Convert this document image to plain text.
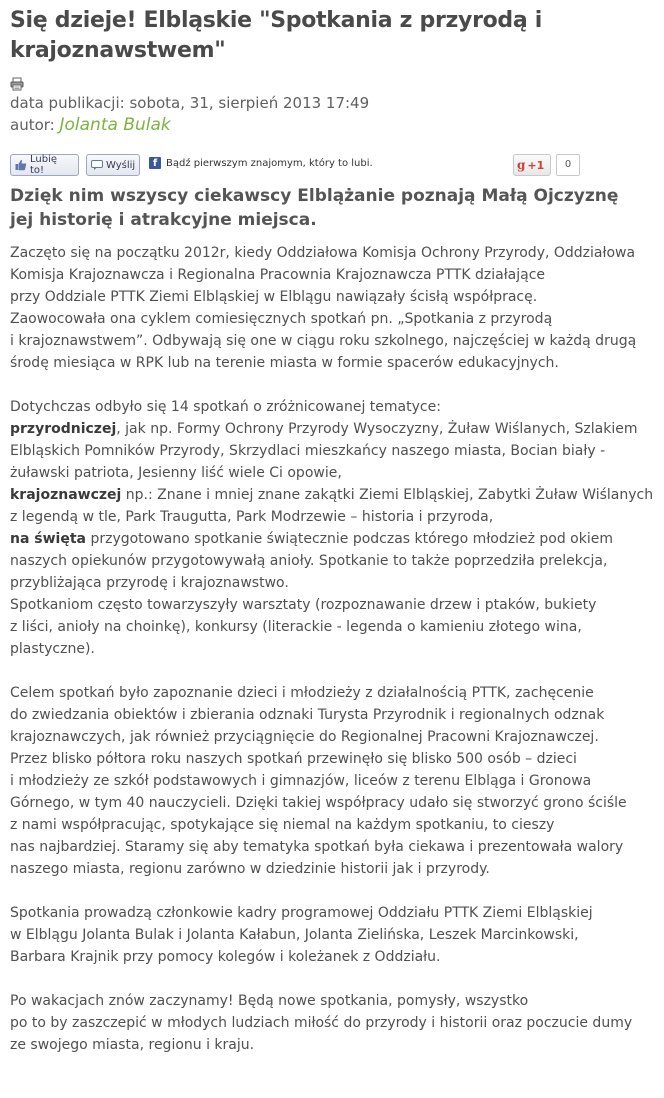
Się dzieje! Elbląskie "Spotkania z przyrodą i krajoznawstwem"
data publikacji: sobota, 31, sierpień 2013 17:49
autor: Jolanta Bulak
Lubię to!	Wyślij	f Bądź pierwszym znajomym, który to lubi.	g +1	0
Dzięk nim wszyscy ciekawscy Elblążanie poznają Małą Ojczyznę
jej historię i atrakcyjne miejsca.
Zaczęto się na początku 2012r, kiedy Oddziałowa Komisja Ochrony Przyrody, Oddziałowa
Komisja Krajoznawcza i Regionalna Pracownia Krajoznawcza PTTK działające
przy Oddziale PTTK Ziemi Elbląskiej w Elblągu nawiązały ścisłą współpracę.
Zaowocowała ona cyklem comiesięcznych spotkań pn. „Spotkania z przyrodą
i krajoznawstwem”. Odbywają się one w ciągu roku szkolnego, najczęściej w każdą drugą
środę miesiąca w RPK lub na terenie miasta w formie spacerów edukacyjnych.
Dotychczas odbyło się 14 spotkań o zróżnicowanej tematyce:
przyrodniczej, jak np. Formy Ochrony Przyrody Wysoczyzny, Żuław Wiślanych, Szlakiem
Elbląskich Pomników Przyrody, Skrzydlaci mieszkańcy naszego miasta, Bocian biały -
żuławski patriota, Jesienny liść wiele Ci opowie,
krajoznawczej np.: Znane i mniej znane zakątki Ziemi Elbląskiej, Zabytki Żuław Wiślanych
z legendą w tle, Park Traugutta, Park Modrzewie – historia i przyroda,
na święta przygotowano spotkanie świątecznie podczas którego młodzież pod okiem
naszych opiekunów przygotowywałą anioły. Spotkanie to także poprzedziła prelekcja,
przybliżająca przyrodę i krajoznawstwo.
Spotkaniom często towarzyszyły warsztaty (rozpoznawanie drzew i ptaków, bukiety
z liści, anioły na choinkę), konkursy (literackie - legenda o kamieniu złotego wina,
plastyczne).
Celem spotkań było zapoznanie dzieci i młodzieży z działalnością PTTK, zachęcenie
do zwiedzania obiektów i zbierania odznaki Turysta Przyrodnik i regionalnych odznak
krajoznawczych, jak również przyciągnięcie do Regionalnej Pracowni Krajoznawczej.
Przez blisko półtora roku naszych spotkań przewinęło się blisko 500 osób – dzieci
i młodzieży ze szkół podstawowych i gimnazjów, liceów z terenu Elbląga i Gronowa
Górnego, w tym 40 nauczycieli. Dzięki takiej współpracy udało się stworzyć grono ściśle
z nami współpracując, spotykające się niemal na każdym spotkaniu, to cieszy
nas najbardziej. Staramy się aby tematyka spotkań była ciekawa i prezentowała walory
naszego miasta, regionu zarówno w dziedzinie historii jak i przyrody.
Spotkania prowadzą członkowie kadry programowej Oddziału PTTK Ziemi Elbląskiej
w Elblągu Jolanta Bulak i Jolanta Kałabun, Jolanta Zielińska, Leszek Marcinkowski,
Barbara Krajnik przy pomocy kolegów i koleżanek z Oddziału.
Po wakacjach znów zaczynamy! Będą nowe spotkania, pomysły, wszystko
po to by zaszczepić w młodych ludziach miłość do przyrody i historii oraz poczucie dumy
ze swojego miasta, regionu i kraju.
